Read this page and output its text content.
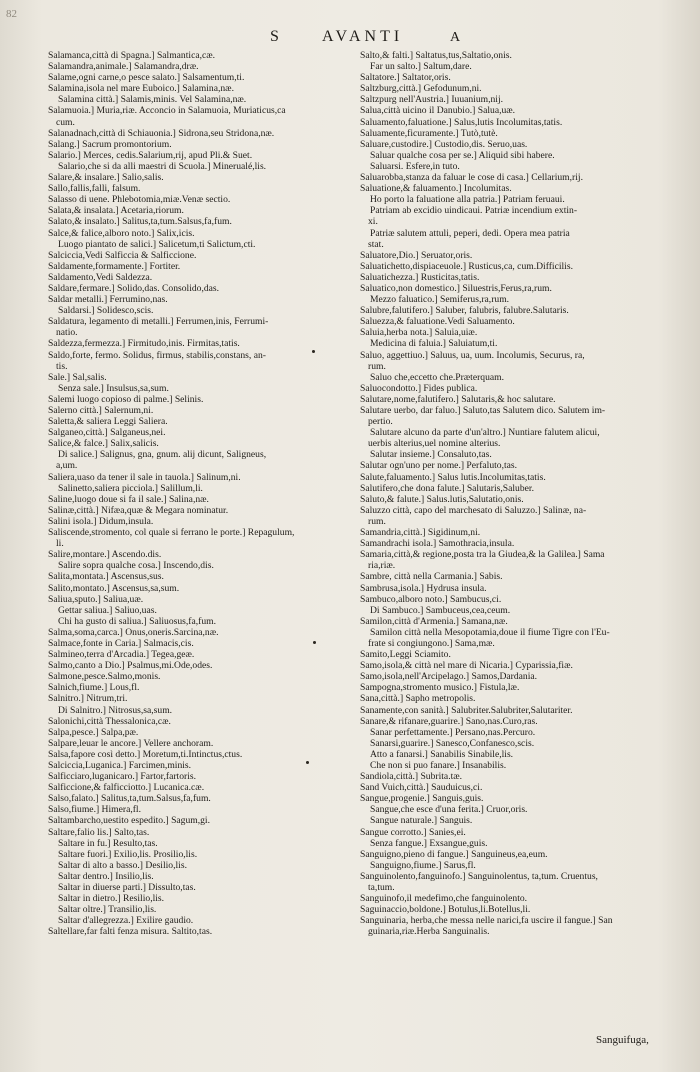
82
S	AVANTI	A
Salamanca,città di Spagna.] Salmantica,cæ.
Salamandra,animale.] Salamandra,dræ.
Salame,ogni carne,o pesce salato.] Salsamentum,ti.
Salamina,isola nel mare Euboico.] Salamina,næ.
Salamina città.] Salamis,minis. Vel Salamina,næ.
Salamuoia.] Muria,riæ. Acconcio in Salamuoia, Muriaticus,ca
cum.
Salanadnach,città di Schiauonia.] Sidrona,seu Stridona,næ.
Salang.] Sacrum promontorium.
Salario.] Merces, cedis.Salarium,rij, apud Pli.& Suet.
Salario,che si da alli maestri di Scuola.] Minerualé,lis.
Salare,& insalare.] Salio,salis.
Sallo,fallis,falli, falsum.
Salasso di uene. Phlebotomia,miæ.Venæ sectio.
Salata,& insalata.] Acetaria,riorum.
Salato,& insalato.] Salitus,ta,tum.Salsus,fa,fum.
Salce,& falice,alboro noto.] Salix,icis.
Luogo piantato de salici.] Salicetum,ti Salictum,cti.
Salciccia,Vedi Salficcia & Salficcione.
Saldamente,formamente.] Fortiter.
Saldamento,Vedi Saldezza.
Saldare,fermare.] Solido,das. Consolido,das.
Saldar metalli.] Ferrumino,nas.
Saldarsi.] Solidesco,scis.
Saldatura, legamento di metalli.] Ferrumen,inis, Ferrumi-
natio.
Saldezza,fermezza.] Firmitudo,inis. Firmitas,tatis.
Saldo,forte, fermo. Solidus, firmus, stabilis,constans, an-
tis.
Sale.] Sal,salis.
Senza sale.] Insulsus,sa,sum.
Salemi luogo copioso di palme.] Selinis.
Salerno città.] Salernum,ni.
Saletta,& saliera Leggi Saliera.
Salganeo,città.] Salganeus,nei.
Salice,& falce.] Salix,salicis.
Di salice.] Salignus, gna, gnum. alij dicunt, Saligneus,
a,um.
Saliera,uaso da tener il sale in tauola.] Salinum,ni.
Salinetto,saliera picciola.] Salillum,li.
Saline,luogo doue si fa il sale.] Salina,næ.
Salinæ,città.] Nifæa,quæ & Megara nominatur.
Salini isola.] Didum,insula.
Saliscende,stromento, col quale si ferrano le porte.] Repagulum,
li.
Salire,montare.] Ascendo.dis.
Salire sopra qualche cosa.] Inscendo,dis.
Salita,montata.] Ascensus,sus.
Salito,montato.] Ascensus,sa,sum.
Saliua,sputo.] Saliua,uæ.
Gettar saliua.] Saliuo,uas.
Chi ha gusto di saliua.] Saliuosus,fa,fum.
Salma,soma,carca.] Onus,oneris.Sarcina,næ.
Salmace,fonte in Caria.] Salmacis,cis.
Salmineo,terra d'Arcadia.] Tegea,geæ.
Salmo,canto a Dio.] Psalmus,mi.Ode,odes.
Salmone,pesce.Salmo,monis.
Salnich,fiume.] Lous,fl.
Salnitro.] Nitrum,tri.
Di Salnitro.] Nitrosus,sa,sum.
Salonichi,città Thessalonica,cæ.
Salpa,pesce.] Salpa,pæ.
Salpare,leuar le ancore.] Vellere anchoram.
Salsa,fapore così detto.] Moretum,ti.Intinctus,ctus.
Salciccia,Luganica.] Farcimen,minis.
Salficciaro,luganicaro.] Fartor,fartoris.
Salficcione,& falficciotto.] Lucanica.cæ.
Salso,falato.] Salitus,ta,tum.Salsus,fa,fum.
Salso,fiume.] Himera,fl.
Saltambarcho,uestito espedito.] Sagum,gi.
Saltare,falio lis.] Salto,tas.
Saltare in fu.] Resulto,tas.
Saltare fuori.] Exilio,lis. Prosilio,lis.
Saltar di alto a basso.] Desilio,lis.
Saltar dentro.] Insilio,lis.
Saltar in diuerse parti.] Dissulto,tas.
Saltar in dietro.] Resilio,lis.
Saltar oltre.] Transilio,lis.
Saltar d'allegrezza.] Exilire gaudio.
Saltellare,far falti fenza misura. Saltito,tas.
Salto,& falti.] Saltatus,tus,Saltatio,onis.
Far un salto.] Saltum,dare.
Saltatore.] Saltator,oris.
Saltzburg,città.] Gefodunum,ni.
Saltzpurg nell'Austria.] Iuuanium,nij.
Salua,città uicino il Danubio.] Salua,uæ.
Saluamento,faluatione.] Salus,lutis Incolumitas,tatis.
Saluamente,ficuramente.] Tutò,tutè.
Saluare,custodire.] Custodio,dis. Seruo,uas.
Saluar qualche cosa per se.] Aliquid sibi habere.
Saluarsi. Esfere,in tuto.
Saluarobba,stanza da faluar le cose di casa.] Cellarium,rij.
Saluatione,& faluamento.] Incolumitas.
Ho porto la faluatione alla patria.] Patriam feruaui.
Patriam ab excidio uindicaui. Patriæ incendium extin-
xi.
Patriæ salutem attuli, peperi, dedi. Opera mea patria
stat.
Saluatore,Dio.] Seruator,oris.
Saluatichetto,dispiaceuole.] Rusticus,ca, cum.Difficilis.
Saluatichezza.] Rusticitas,tatis.
Saluatico,non domestico.] Siluestris,Ferus,ra,rum.
Mezzo faluatico.] Semiferus,ra,rum.
Salubre,falutifero.] Saluber, falubris, falubre.Salutaris.
Saluezza,& faluatione.Vedi Saluamento.
Saluia,herba nota.] Saluia,uiæ.
Medicina di faluia.] Saluiatum,ti.
Saluo, aggettiuo.] Saluus, ua, uum. Incolumis, Securus, ra,
rum.
Saluo che,eccetto che.Præterquam.
Saluocondotto.] Fides publica.
Salutare,nome,falutifero.] Salutaris,& hoc salutare.
Salutare uerbo, dar faluo.] Saluto,tas Salutem dico. Salutem im-
pertio.
Salutare alcuno da parte d'un'altro.] Nuntiare falutem alicui,
uerbis alterius,uel nomine alterius.
Salutar insieme.] Consaluto,tas.
Salutar ogn'uno per nome.] Perfaluto,tas.
Salute,faluamento.] Salus lutis.Incolumitas,tatis.
Salutifero,che dona falute.] Salutaris,Saluber.
Saluto,& falute.] Salus.lutis,Salutatio,onis.
Saluzzo città, capo del marchesato di Saluzzo.] Salinæ, na-
rum.
Samandria,città.] Sigidinum,ni.
Samandrachi isola.] Samothracia,insula.
Samaria,città,& regione,posta tra la Giudea,& la Galilea.] Sama
ria,riæ.
Sambre, città nella Carmania.] Sabis.
Sambrusa,isola.] Hydrusa insula.
Sambuco,alboro noto.] Sambucus,ci.
Di Sambuco.] Sambuceus,cea,ceum.
Samilon,città d'Armenia.] Samana,næ.
Samilon città nella Mesopotamia,doue il fiume Tigre con l'Eu-
frate si congiungono.] Sama,mæ.
Samito,Leggi Sciamito.
Samo,isola,& città nel mare di Nicaria.] Cyparissia,fiæ.
Samo,isola,nell'Arcipelago.] Samos,Dardania.
Sampogna,stromento musico.] Fistula,læ.
Sana,città.] Sapho metropolis.
Sanamente,con sanità.] Salubriter.Salubriter,Salutariter.
Sanare,& rifanare,guarire.] Sano,nas.Curo,ras.
Sanar perfettamente.] Persano,nas.Percuro.
Sanarsi,guarire.] Sanesco,Confanesco,scis.
Atto a fanarsi.] Sanabilis Sinabile,lis.
Che non si puo fanare.] Insanabilis.
Sandiola,città.] Subrita.tæ.
Sand Vuich,città.] Sauduicus,ci.
Sangue,progenie.] Sanguis,guis.
Sangue,che esce d'una ferita.] Cruor,oris.
Sangue naturale.] Sanguis.
Sangue corrotto.] Sanies,ei.
Senza fangue.] Exsangue,guis.
Sanguigno,pieno di fangue.] Sanguineus,ea,eum.
Sanguigno,fiume.] Sarus,fl.
Sanguinolento,fanguinofo.] Sanguinolentus, ta,tum. Cruentus,
ta,tum.
Sanguinofo,il medefimo,che fanguinolento.
Saguinaccio,boldone.] Botulus,li.Botellus,li.
Sanguinaria, herba,che messa nelle narici,fa uscire il fangue.] San
guinaria,riæ.Herba Sanguinalis.
Sanguifuga,
